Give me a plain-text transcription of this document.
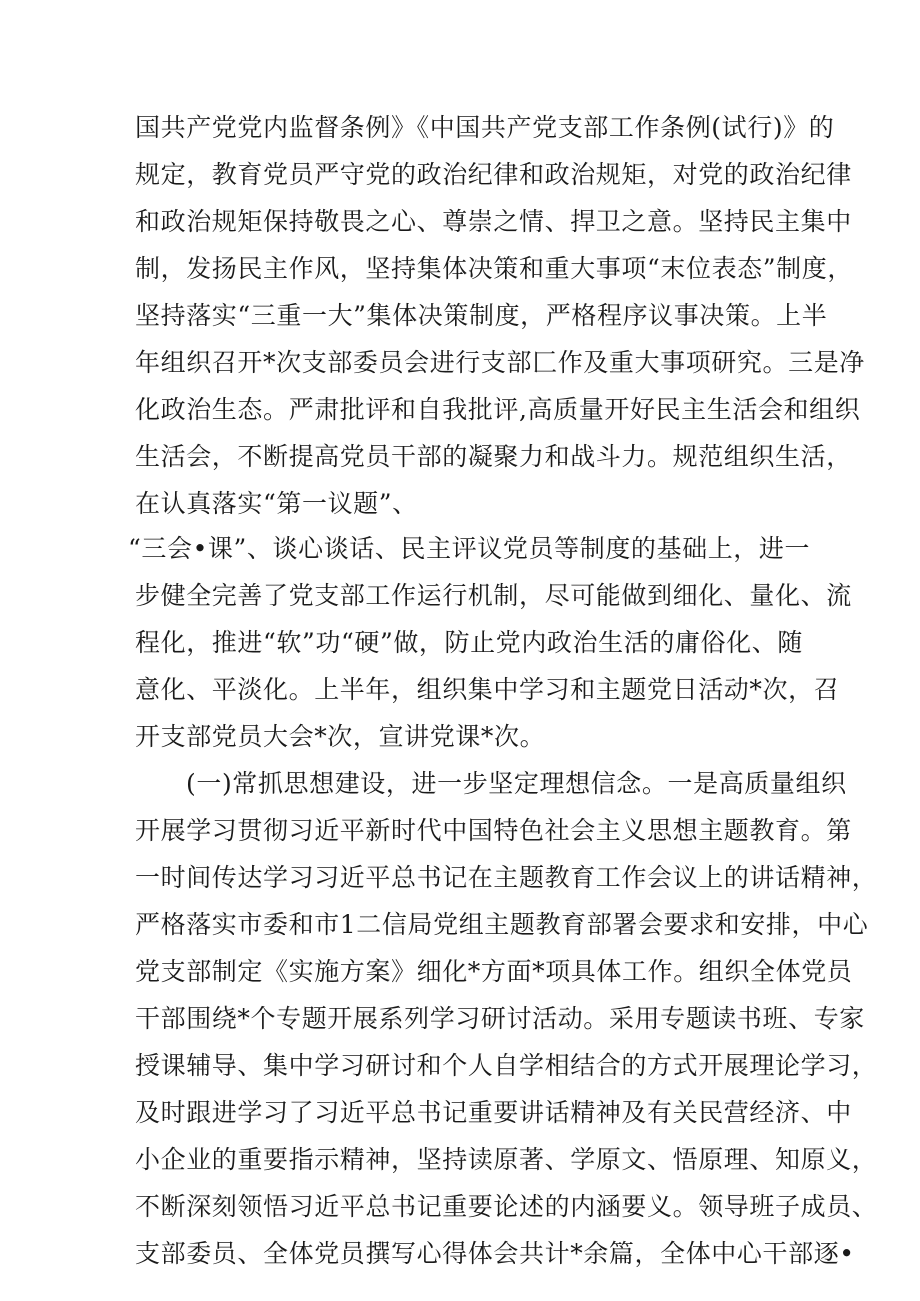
国共产党党内监督条例》《中国共产党支部工作条例(试行)》的
规定，教育党员严守党的政治纪律和政治规矩，对党的政治纪律
和政治规矩保持敬畏之心、尊崇之情、捍卫之意。坚持民主集中
制，发扬民主作风，坚持集体决策和重大事项“末位表态”制度，
坚持落实“三重一大”集体决策制度，严格程序议事决策。上半
年组织召开*次支部委员会进行支部匚作及重大事项研究。三是净
化政治生态。严肃批评和自我批评,高质量开好民主生活会和组织
生活会，不断提高党员干部的凝聚力和战斗力。规范组织生活，
在认真落实“第一议题”、
“三会•课”、谈心谈话、民主评议党员等制度的基础上，进一
步健全完善了党支部工作运行机制，尽可能做到细化、量化、流
程化，推进“软”功“硬”做，防止党内政治生活的庸俗化、随
意化、平淡化。上半年，组织集中学习和主题党日活动*次，召
开支部党员大会*次，宣讲党课*次。
(一)常抓思想建设，进一步坚定理想信念。一是高质量组织
开展学习贯彻习近平新时代中国特色社会主义思想主题教育。第
一时间传达学习习近平总书记在主题教育工作会议上的讲话精神，
严格落实市委和市1二信局党组主题教育部署会要求和安排，中心
党支部制定《实施方案》细化*方面*项具体工作。组织全体党员
干部围绕*个专题开展系列学习研讨活动。采用专题读书班、专家
授课辅导、集中学习研讨和个人自学相结合的方式开展理论学习，
及时跟进学习了习近平总书记重要讲话精神及有关民营经济、中
小企业的重要指示精神，坚持读原著、学原文、悟原理、知原义，
不断深刻领悟习近平总书记重要论述的内涵要义。领导班子成员、
支部委员、全体党员撰写心得体会共计*余篇，全体中心干部逐•
